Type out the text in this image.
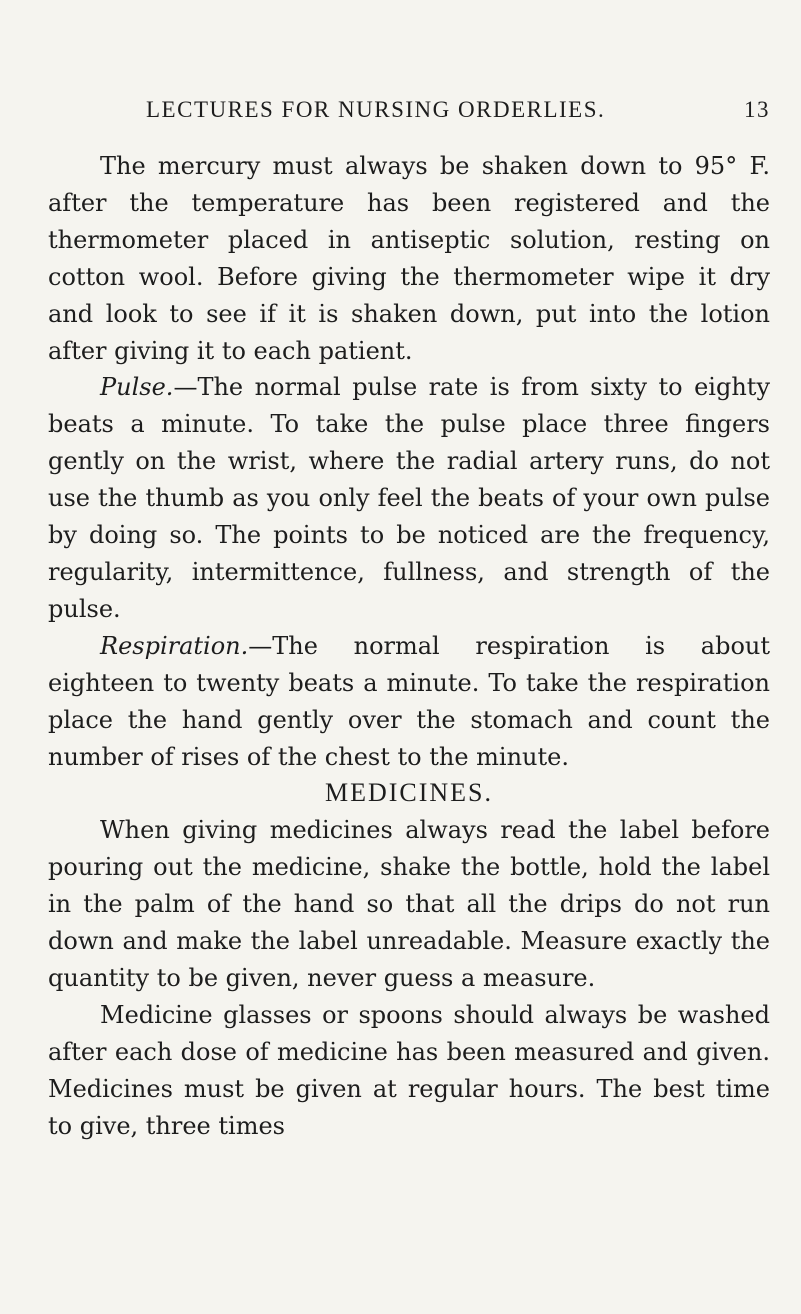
LECTURES FOR NURSING ORDERLIES.	13

The mercury must always be shaken down to 95° F. after the temperature has been registered and the thermometer placed in antiseptic solution, resting on cotton wool. Before giving the thermometer wipe it dry and look to see if it is shaken down, put into the lotion after giving it to each patient.

Pulse.—The normal pulse rate is from sixty to eighty beats a minute. To take the pulse place three fingers gently on the wrist, where the radial artery runs, do not use the thumb as you only feel the beats of your own pulse by doing so. The points to be noticed are the frequency, regularity, intermittence, fullness, and strength of the pulse.

Respiration.—The normal respiration is about eighteen to twenty beats a minute. To take the respiration place the hand gently over the stomach and count the number of rises of the chest to the minute.

MEDICINES.

When giving medicines always read the label before pouring out the medicine, shake the bottle, hold the label in the palm of the hand so that all the drips do not run down and make the label unreadable. Measure exactly the quantity to be given, never guess a measure.

Medicine glasses or spoons should always be washed after each dose of medicine has been measured and given. Medicines must be given at regular hours. The best time to give, three times
